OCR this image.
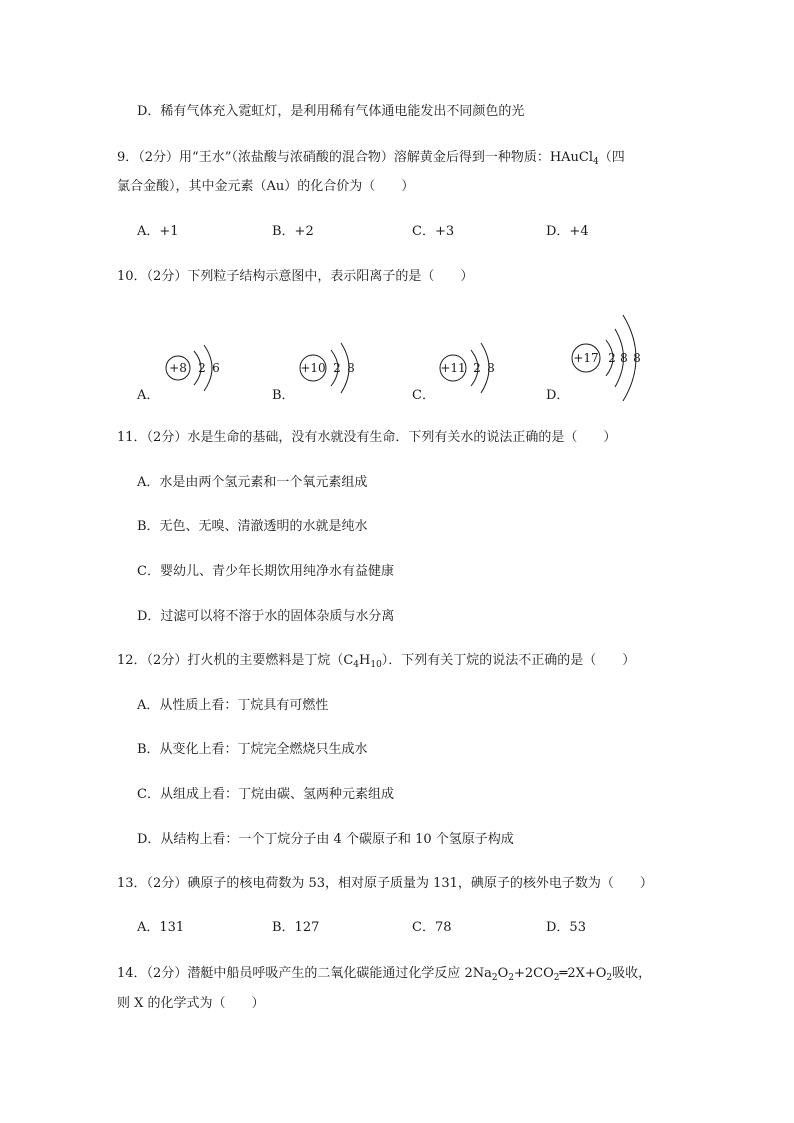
D．稀有气体充入霓虹灯，是利用稀有气体通电能发出不同颜色的光
9．（2分）用“王水”（浓盐酸与浓硝酸的混合物）溶解黄金后得到一种物质：HAuCl$_4$（四
氯合金酸），其中金元素（Au）的化合价为（　　）
A．+1	B．+2	C．+3	D．+4
10．（2分）下列粒子结构示意图中，表示阳离子的是（　　）
+8 2 6
A．
+10 2 8
B．
+11 2 8
C．
+17 2 8 8
D．
11．（2分）水是生命的基础，没有水就没有生命．下列有关水的说法正确的是（　　）
A．水是由两个氢元素和一个氧元素组成
B．无色、无嗅、清澈透明的水就是纯水
C．婴幼儿、青少年长期饮用纯净水有益健康
D．过滤可以将不溶于水的固体杂质与水分离
12．（2分）打火机的主要燃料是丁烷$(C_4H_{10})$．下列有关丁烷的说法不正确的是（　　）
A．从性质上看：丁烷具有可燃性
B．从变化上看：丁烷完全燃烧只生成水
C．从组成上看：丁烷由碳、氢两种元素组成
D．从结构上看：一个丁烷分子由 4 个碳原子和 10 个氢原子构成
13．（2分）碘原子的核电荷数为 53，相对原子质量为 131，碘原子的核外电子数为（　　）
A．131	B．127	C．78	D．53
14．（2分）潜艇中船员呼吸产生的二氧化碳能通过化学反应 $2Na_2O_2+2CO_2═2X+O_2$吸收，
则 X 的化学式为（　　）
